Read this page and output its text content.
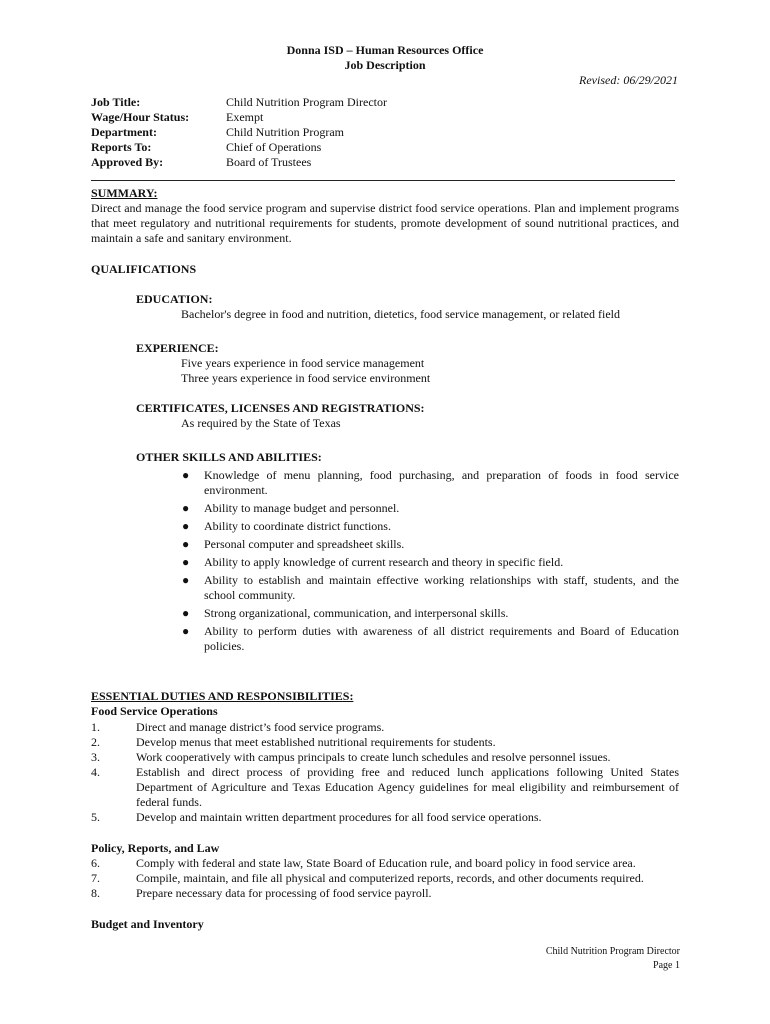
Donna ISD – Human Resources Office
Job Description
Revised: 06/29/2021
Job Title:	Child Nutrition Program Director
Wage/Hour Status:	Exempt
Department:	Child Nutrition Program
Reports To:	Chief of Operations
Approved By:	Board of Trustees
SUMMARY:
Direct and manage the food service program and supervise district food service operations. Plan and implement programs that meet regulatory and nutritional requirements for students, promote development of sound nutritional practices, and maintain a safe and sanitary environment.
QUALIFICATIONS
EDUCATION:
Bachelor's degree in food and nutrition, dietetics, food service management, or related field
EXPERIENCE:
Five years experience in food service management
Three years experience in food service environment
CERTIFICATES, LICENSES AND REGISTRATIONS:
As required by the State of Texas
OTHER SKILLS AND ABILITIES:
● Knowledge of menu planning, food purchasing, and preparation of foods in food service environment.
● Ability to manage budget and personnel.
● Ability to coordinate district functions.
● Personal computer and spreadsheet skills.
● Ability to apply knowledge of current research and theory in specific field.
● Ability to establish and maintain effective working relationships with staff, students, and the school community.
● Strong organizational, communication, and interpersonal skills.
● Ability to perform duties with awareness of all district requirements and Board of Education policies.
ESSENTIAL DUTIES AND RESPONSIBILITIES:
Food Service Operations
1.	Direct and manage district’s food service programs.
2.	Develop menus that meet established nutritional requirements for students.
3.	Work cooperatively with campus principals to create lunch schedules and resolve personnel issues.
4.	Establish and direct process of providing free and reduced lunch applications following United States Department of Agriculture and Texas Education Agency guidelines for meal eligibility and reimbursement of federal funds.
5.	Develop and maintain written department procedures for all food service operations.
Policy, Reports, and Law
6.	Comply with federal and state law, State Board of Education rule, and board policy in food service area.
7.	Compile, maintain, and file all physical and computerized reports, records, and other documents required.
8.	Prepare necessary data for processing of food service payroll.
Budget and Inventory
Child Nutrition Program Director
Page 1
